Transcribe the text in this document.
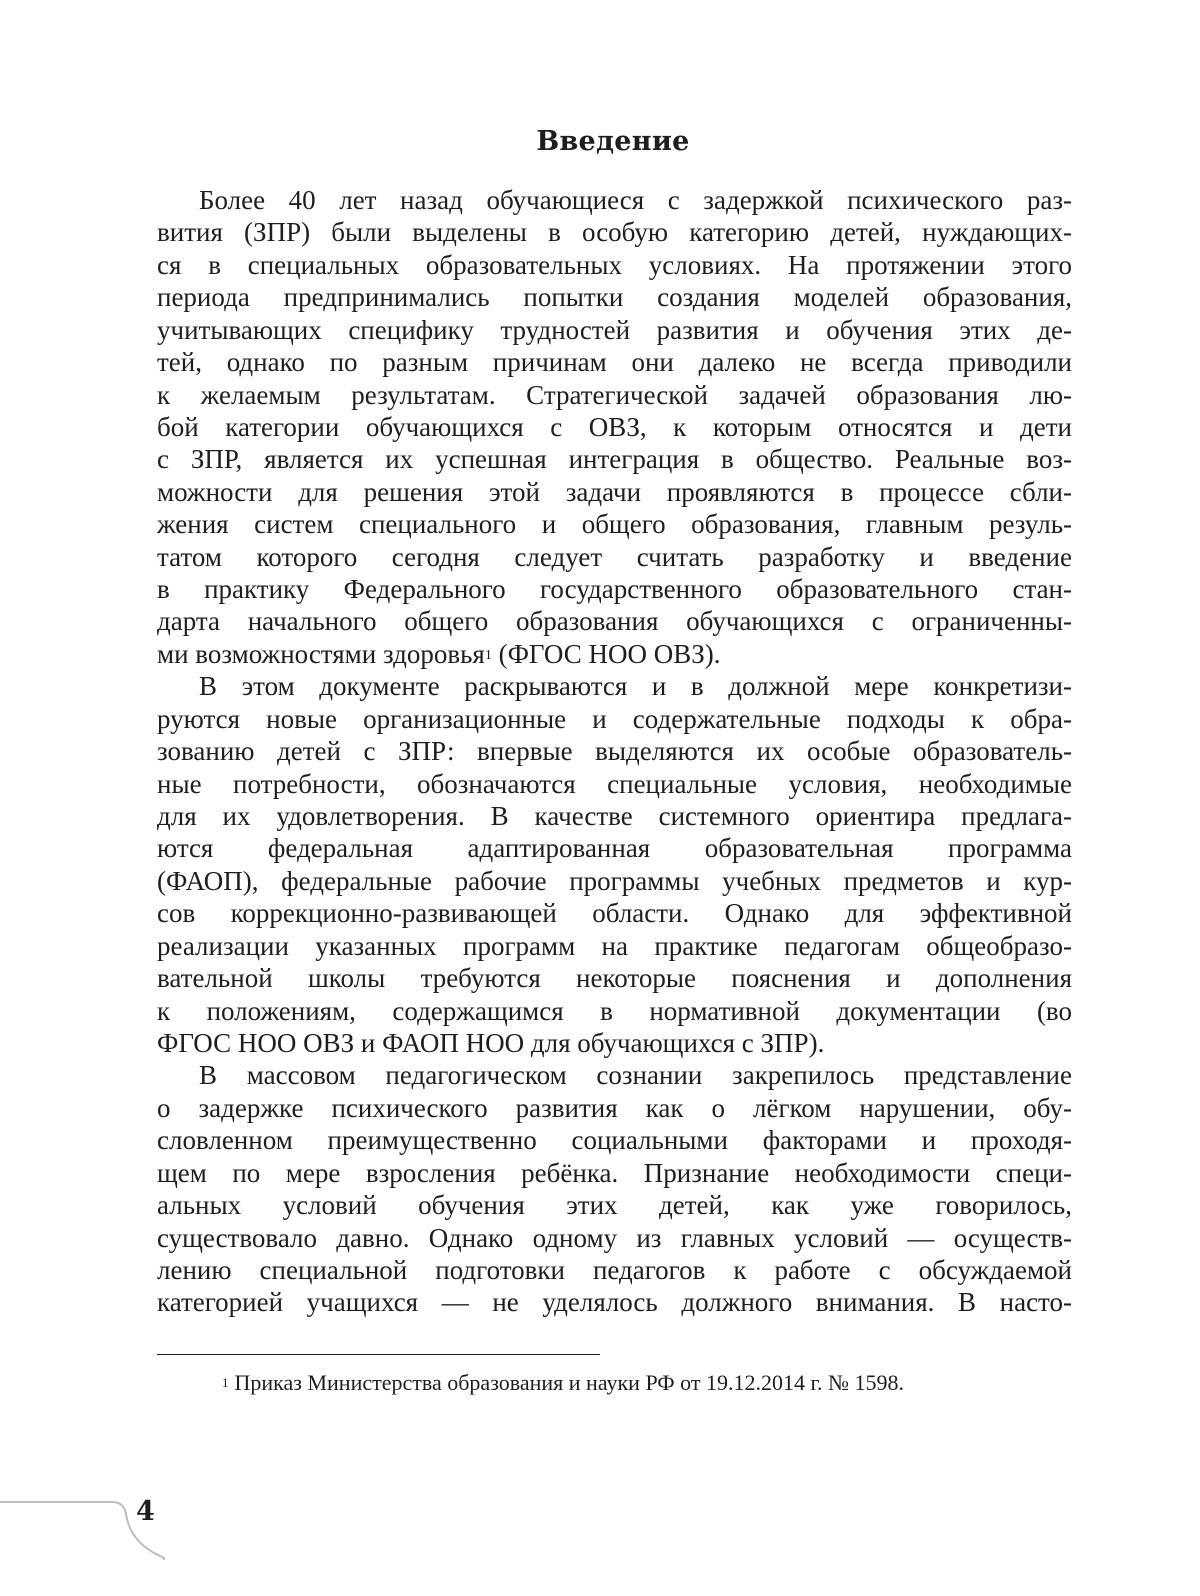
Введение
Более 40 лет назад обучающиеся с задержкой психического раз-
вития (ЗПР) были выделены в особую категорию детей, нуждающих-
ся в специальных образовательных условиях. На протяжении этого
периода предпринимались попытки создания моделей образования,
учитывающих специфику трудностей развития и обучения этих де-
тей, однако по разным причинам они далеко не всегда приводили
к желаемым результатам. Стратегической задачей образования лю-
бой категории обучающихся с ОВЗ, к которым относятся и дети
с ЗПР, является их успешная интеграция в общество. Реальные воз-
можности для решения этой задачи проявляются в процессе сбли-
жения систем специального и общего образования, главным резуль-
татом которого сегодня следует считать разработку и введение
в практику Федерального государственного образовательного стан-
дарта начального общего образования обучающихся с ограниченны-
ми возможностями здоровья$^1$ (ФГОС НОО ОВЗ).
В этом документе раскрываются и в должной мере конкретизи-
руются новые организационные и содержательные подходы к обра-
зованию детей с ЗПР: впервые выделяются их особые образователь-
ные потребности, обозначаются специальные условия, необходимые
для их удовлетворения. В качестве системного ориентира предлага-
ются федеральная адаптированная образовательная программа
(ФАОП), федеральные рабочие программы учебных предметов и кур-
сов коррекционно-развивающей области. Однако для эффективной
реализации указанных программ на практике педагогам общеобразо-
вательной школы требуются некоторые пояснения и дополнения
к положениям, содержащимся в нормативной документации (во
ФГОС НОО ОВЗ и ФАОП НОО для обучающихся с ЗПР).
В массовом педагогическом сознании закрепилось представление
о задержке психического развития как о лёгком нарушении, обу-
словленном преимущественно социальными факторами и проходя-
щем по мере взросления ребёнка. Признание необходимости специ-
альных условий обучения этих детей, как уже говорилось,
существовало давно. Однако одному из главных условий — осуществ-
лению специальной подготовки педагогов к работе с обсуждаемой
категорией учащихся — не уделялось должного внимания. В насто-
$^1$ Приказ Министерства образования и науки РФ от 19.12.2014 г. № 1598.
4
